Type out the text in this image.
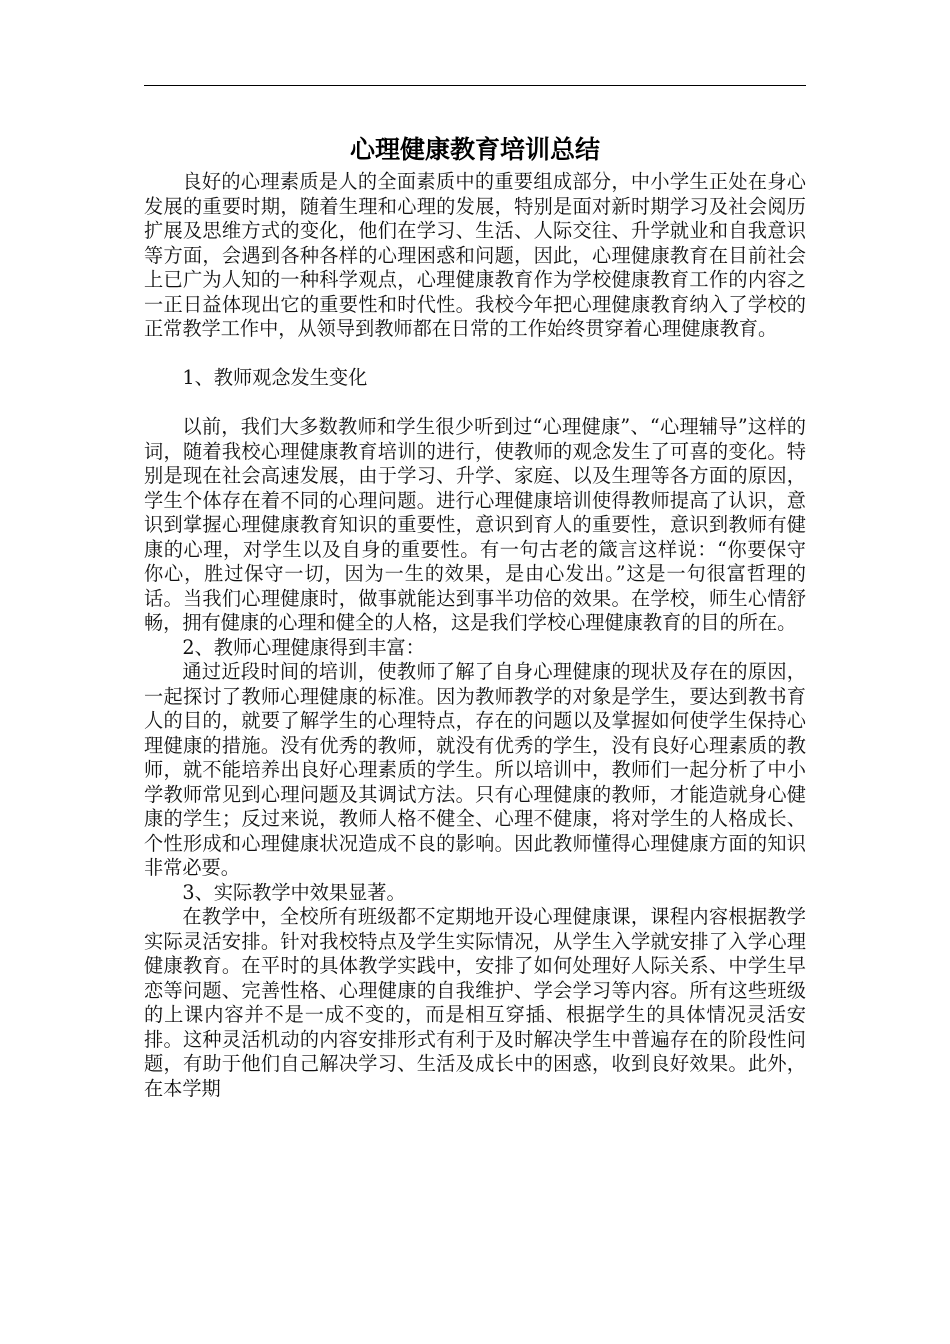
心理健康教育培训总结

良好的心理素质是人的全面素质中的重要组成部分，中小学生正处在身心发展的重要时期，随着生理和心理的发展，特别是面对新时期学习及社会阅历扩展及思维方式的变化，他们在学习、生活、人际交往、升学就业和自我意识等方面，会遇到各种各样的心理困惑和问题，因此，心理健康教育在目前社会上已广为人知的一种科学观点，心理健康教育作为学校健康教育工作的内容之一正日益体现出它的重要性和时代性。我校今年把心理健康教育纳入了学校的正常教学工作中，从领导到教师都在日常的工作始终贯穿着心理健康教育。

1、教师观念发生变化

以前，我们大多数教师和学生很少听到过“心理健康”、“心理辅导”这样的词，随着我校心理健康教育培训的进行，使教师的观念发生了可喜的变化。特别是现在社会高速发展，由于学习、升学、家庭、以及生理等各方面的原因，学生个体存在着不同的心理问题。进行心理健康培训使得教师提高了认识，意识到掌握心理健康教育知识的重要性，意识到育人的重要性，意识到教师有健康的心理，对学生以及自身的重要性。有一句古老的箴言这样说：“你要保守你心，胜过保守一切，因为一生的效果，是由心发出。”这是一句很富哲理的话。当我们心理健康时，做事就能达到事半功倍的效果。在学校，师生心情舒畅，拥有健康的心理和健全的人格，这是我们学校心理健康教育的目的所在。

2、教师心理健康得到丰富：

通过近段时间的培训，使教师了解了自身心理健康的现状及存在的原因，一起探讨了教师心理健康的标准。因为教师教学的对象是学生，要达到教书育人的目的，就要了解学生的心理特点，存在的问题以及掌握如何使学生保持心理健康的措施。没有优秀的教师，就没有优秀的学生，没有良好心理素质的教师，就不能培养出良好心理素质的学生。所以培训中，教师们一起分析了中小学教师常见到心理问题及其调试方法。只有心理健康的教师，才能造就身心健康的学生；反过来说，教师人格不健全、心理不健康，将对学生的人格成长、个性形成和心理健康状况造成不良的影响。因此教师懂得心理健康方面的知识非常必要。

3、实际教学中效果显著。

在教学中，全校所有班级都不定期地开设心理健康课，课程内容根据教学实际灵活安排。针对我校特点及学生实际情况，从学生入学就安排了入学心理健康教育。在平时的具体教学实践中，安排了如何处理好人际关系、中学生早恋等问题、完善性格、心理健康的自我维护、学会学习等内容。所有这些班级的上课内容并不是一成不变的，而是相互穿插、根据学生的具体情况灵活安排。这种灵活机动的内容安排形式有利于及时解决学生中普遍存在的阶段性问题，有助于他们自己解决学习、生活及成长中的困惑，收到良好效果。此外，在本学期
